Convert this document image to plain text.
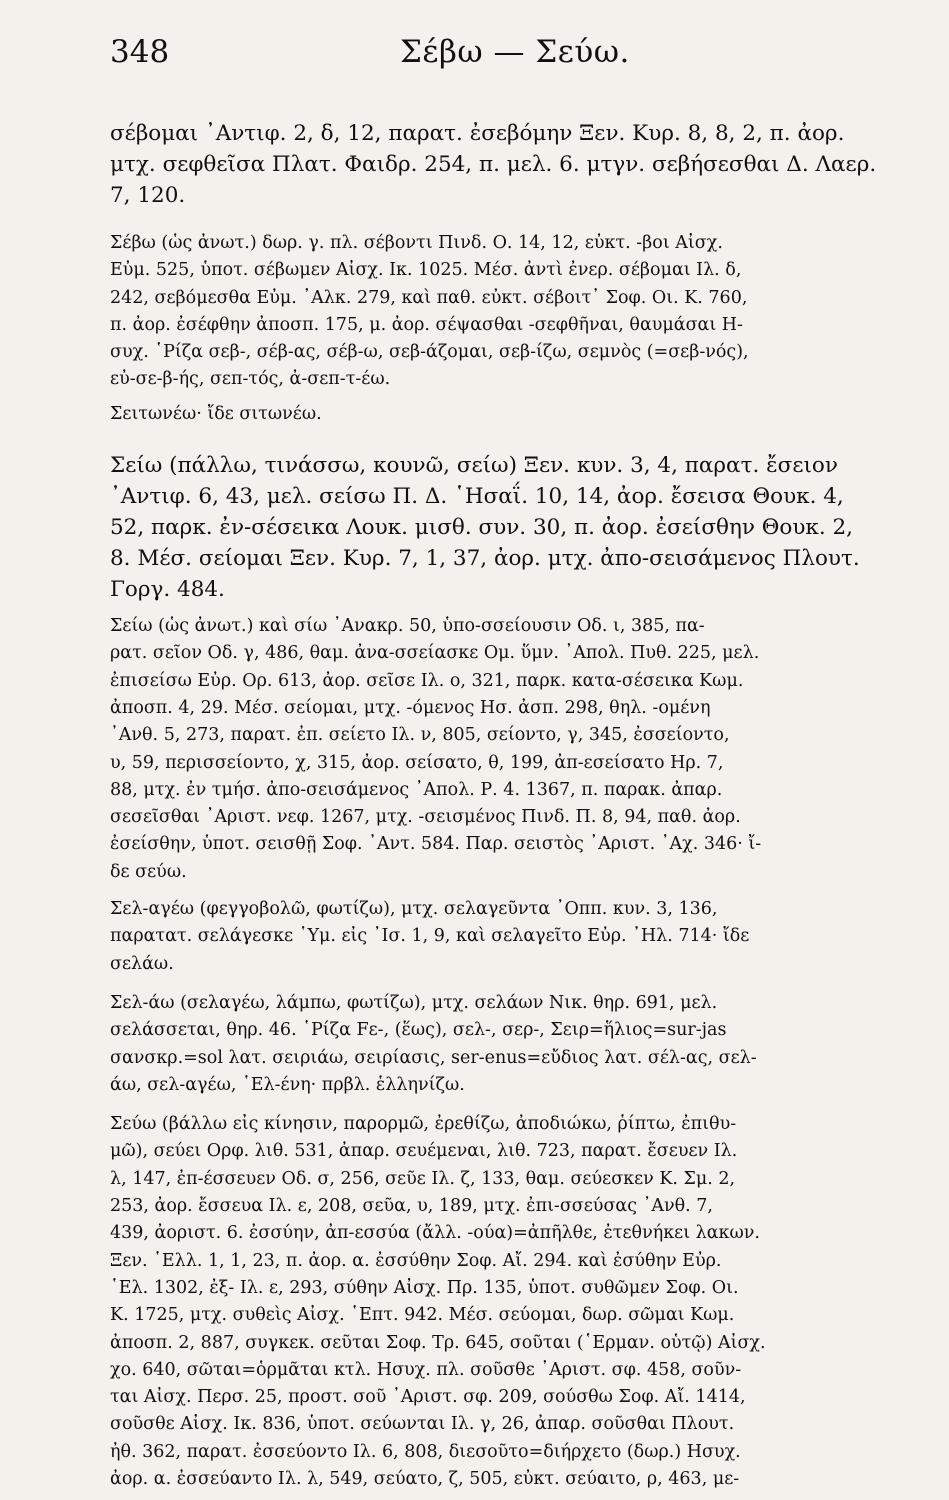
348	Σέβω — Σεύω.
σέβομαι ᾽Αντιφ. 2, δ, 12, παρατ. ἐσεβόμην Ξεν. Κυρ. 8, 8, 2, π. ἀορ.
μτχ. σεφθεῖσα Πλατ. Φαιδρ. 254, π. μελ. 6. μτγν. σεβήσεσθαι Δ. Λαερ.
7, 120.
Σέβω (ὡς ἀνωτ.) δωρ. γ. πλ. σέβοντι Πινδ. Ο. 14, 12, εὐκτ. -βοι Αἰσχ.
Εὐμ. 525, ὑποτ. σέβωμεν Αἰσχ. Ικ. 1025. Μέσ. ἀντὶ ἐνερ. σέβομαι Ιλ. δ,
242, σεβόμεσθα Εὐμ. ᾽Αλκ. 279, καὶ παθ. εὐκτ. σέβοιτ᾽ Σοφ. Οι. Κ. 760,
π. ἀορ. ἐσέφθην ἀποσπ. 175, μ. ἀορ. σέψασθαι -σεφθῆναι, θαυμάσαι Η-
συχ. ῾Ρίζα σεβ-, σέβ-ας, σέβ-ω, σεβ-άζομαι, σεβ-ίζω, σεμνὸς (=σεβ-νός),
εὐ-σε-β-ής, σεπ-τός, ἀ-σεπ-τ-έω.
Σειτωνέω· ἴδε σιτωνέω.
Σείω (πάλλω, τινάσσω, κουνῶ, σείω) Ξεν. κυν. 3, 4, παρατ. ἔσειον
᾽Αντιφ. 6, 43, μελ. σείσω Π. Δ. ῾Ησαΐ. 10, 14, ἀορ. ἔσεισα Θουκ. 4,
52, παρκ. ἐν-σέσεικα Λουκ. μισθ. συν. 30, π. ἀορ. ἐσείσθην Θουκ. 2,
8. Μέσ. σείομαι Ξεν. Κυρ. 7, 1, 37, ἀορ. μτχ. ἀπο-σεισάμενος Πλουτ.
Γοργ. 484.
Σείω (ὡς ἀνωτ.) καὶ σίω ᾽Ανακρ. 50, ὑπο-σσείουσιν Οδ. ι, 385, πα-
ρατ. σεῖον Οδ. γ, 486, θαμ. ἀνα-σσείασκε Ομ. ὕμν. ᾽Απολ. Πυθ. 225, μελ.
ἐπισείσω Εὐρ. Ορ. 613, ἀορ. σεῖσε Ιλ. ο, 321, παρκ. κατα-σέσεικα Κωμ.
ἀποσπ. 4, 29. Μέσ. σείομαι, μτχ. -όμενος Ησ. ἀσπ. 298, θηλ. -ομένη
᾽Ανθ. 5, 273, παρατ. ἐπ. σείετο Ιλ. ν, 805, σείοντο, γ, 345, ἐσσείοντο,
υ, 59, περισσείοντο, χ, 315, ἀορ. σείσατο, θ, 199, ἀπ-εσείσατο Ηρ. 7,
88, μτχ. ἐν τμήσ. ἀπο-σεισάμενος ᾽Απολ. Ρ. 4. 1367, π. παρακ. ἀπαρ.
σεσεῖσθαι ᾽Αριστ. νεφ. 1267, μτχ. -σεισμένος Πινδ. Π. 8, 94, παθ. ἀορ.
ἐσείσθην, ὑποτ. σεισθῇ Σοφ. ᾽Αντ. 584. Παρ. σειστὸς ᾽Αριστ. ᾽Αχ. 346· ἴ-
δε σεύω.
Σελ-αγέω (φεγγοβολῶ, φωτίζω), μτχ. σελαγεῦντα ᾽Οππ. κυν. 3, 136,
παρατατ. σελάγεσκε ῾Υμ. εἰς ᾽Ισ. 1, 9, καὶ σελαγεῖτο Εὐρ. ᾽Ηλ. 714· ἴδε
σελάω.
Σελ-άω (σελαγέω, λάμπω, φωτίζω), μτχ. σελάων Νικ. θηρ. 691, μελ.
σελάσσεται, θηρ. 46. ῾Ρίζα Fε-, (ἕως), σελ-, σερ-, Σειρ=ἥλιος=sur-jas
σανσκρ.=sol λατ. σειριάω, σειρίασις, ser-enus=εὔδιος λατ. σέλ-ας, σελ-
άω, σελ-αγέω, ῾Ελ-ένη· πρβλ. ἑλληνίζω.
Σεύω (βάλλω εἰς κίνησιν, παρορμῶ, ἐρεθίζω, ἀποδιώκω, ῥίπτω, ἐπιθυ-
μῶ), σεύει Ορφ. λιθ. 531, ἀπαρ. σευέμεναι, λιθ. 723, παρατ. ἔσευεν Ιλ.
λ, 147, ἐπ-έσσευεν Οδ. σ, 256, σεῦε Ιλ. ζ, 133, θαμ. σεύεσκεν Κ. Σμ. 2,
253, ἀορ. ἔσσευα Ιλ. ε, 208, σεῦα, υ, 189, μτχ. ἐπι-σσεύσας ᾽Ανθ. 7,
439, ἀοριστ. 6. ἐσσύην, ἀπ-εσσύα (ἄλλ. -ούα)=ἀπῆλθε, ἐτεθνήκει λακων.
Ξεν. ῾Ελλ. 1, 1, 23, π. ἀορ. α. ἐσσύθην Σοφ. Αἴ. 294. καὶ ἐσύθην Εὐρ.
῾Ελ. 1302, ἐξ- Ιλ. ε, 293, σύθην Αἰσχ. Πρ. 135, ὑποτ. συθῶμεν Σοφ. Οι.
Κ. 1725, μτχ. συθεὶς Αἰσχ. ῾Επτ. 942. Μέσ. σεύομαι, δωρ. σῶμαι Κωμ.
ἀποσπ. 2, 887, συγκεκ. σεῦται Σοφ. Τρ. 645, σοῦται (῾Ερμαν. οὑτῷ) Αἰσχ.
χο. 640, σῶται=ὁρμᾶται κτλ. Ησυχ. πλ. σοῦσθε ᾽Αριστ. σφ. 458, σοῦν-
ται Αἰσχ. Περσ. 25, προστ. σοῦ ᾽Αριστ. σφ. 209, σούσθω Σοφ. Αἴ. 1414,
σοῦσθε Αἰσχ. Ικ. 836, ὑποτ. σεύωνται Ιλ. γ, 26, ἀπαρ. σοῦσθαι Πλουτ.
ἠθ. 362, παρατ. ἐσσεύοντο Ιλ. 6, 808, διεσοῦτο=διήρχετο (δωρ.) Ησυχ.
ἀορ. α. ἐσσεύαντο Ιλ. λ, 549, σεύατο, ζ, 505, εὐκτ. σεύαιτο, ρ, 463, με-
